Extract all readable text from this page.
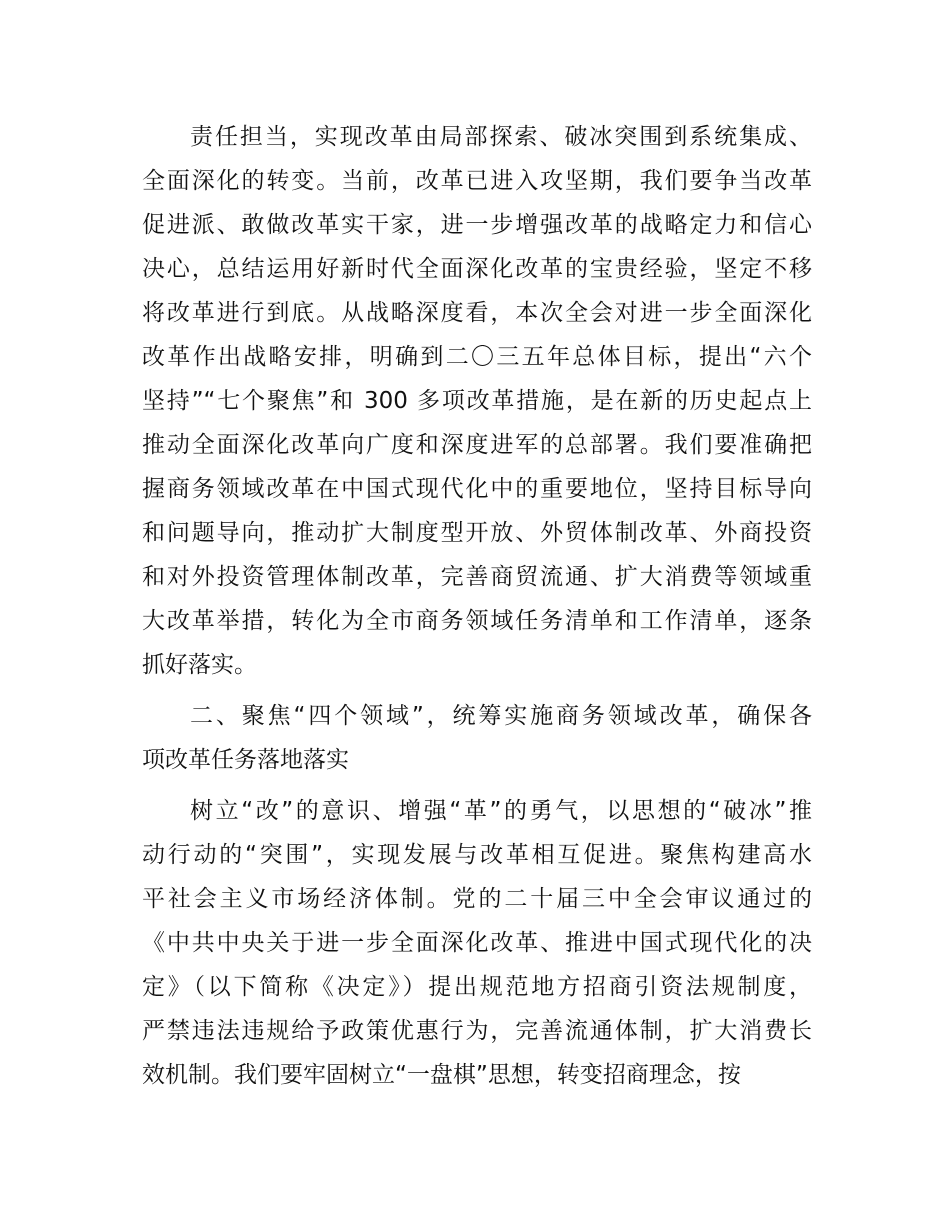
责任担当，实现改革由局部探索、破冰突围到系统集成、
全面深化的转变。当前，改革已进入攻坚期，我们要争当改革
促进派、敢做改革实干家，进一步增强改革的战略定力和信心
决心，总结运用好新时代全面深化改革的宝贵经验，坚定不移
将改革进行到底。从战略深度看，本次全会对进一步全面深化
改革作出战略安排，明确到二〇三五年总体目标，提出“六个
坚持”“七个聚焦”和 300 多项改革措施，是在新的历史起点上
推动全面深化改革向广度和深度进军的总部署。我们要准确把
握商务领域改革在中国式现代化中的重要地位，坚持目标导向
和问题导向，推动扩大制度型开放、外贸体制改革、外商投资
和对外投资管理体制改革，完善商贸流通、扩大消费等领域重
大改革举措，转化为全市商务领域任务清单和工作清单，逐条
抓好落实。
二、聚焦“四个领域”，统筹实施商务领域改革，确保各
项改革任务落地落实
树立“改”的意识、增强“革”的勇气，以思想的“破冰”推
动行动的“突围”，实现发展与改革相互促进。聚焦构建高水
平社会主义市场经济体制。党的二十届三中全会审议通过的
《中共中央关于进一步全面深化改革、推进中国式现代化的决
定》（以下简称《决定》）提出规范地方招商引资法规制度，
严禁违法违规给予政策优惠行为，完善流通体制，扩大消费长
效机制。我们要牢固树立“一盘棋”思想，转变招商理念，按
